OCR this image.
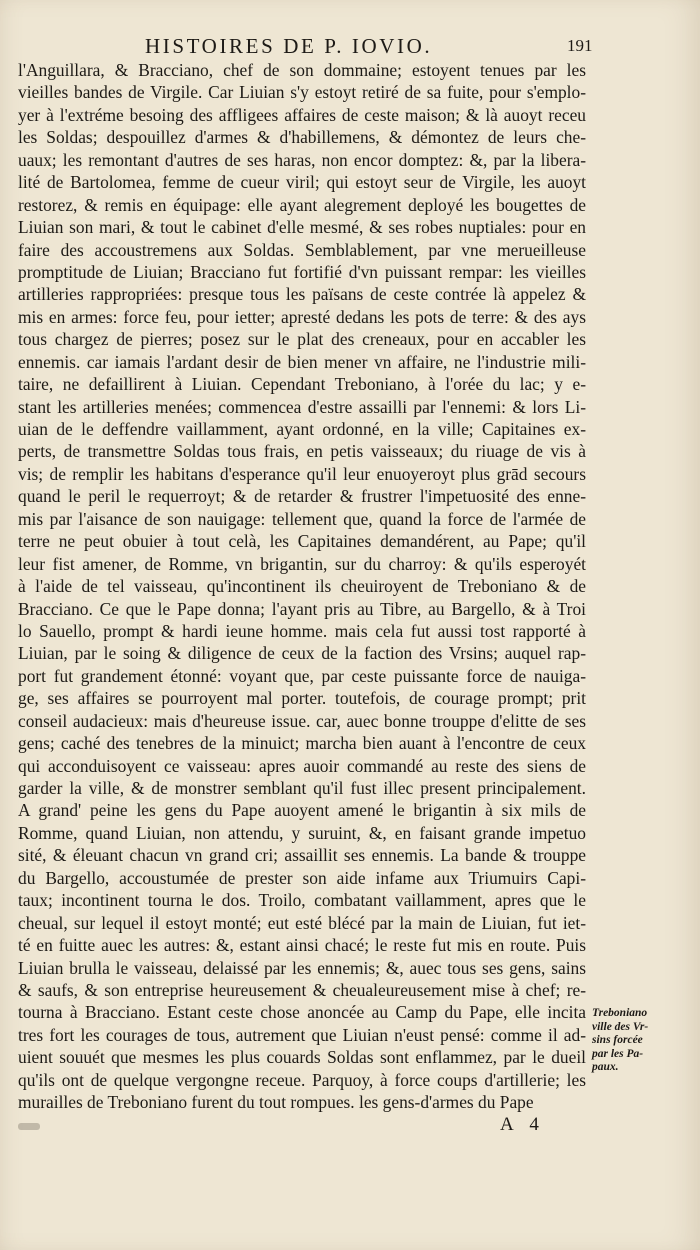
HISTOIRES DE P. IOVIO.	191
l'Anguillara, & Bracciano, chef de son dommaine; estoyent tenues par les
vieilles bandes de Virgile. Car Liuian s'y estoyt retiré de sa fuite, pour s'emplo-
yer à l'extréme besoing des affligees affaires de ceste maison; & là auoyt receu
les Soldas; despouillez d'armes & d'habillemens, & démontez de leurs che-
uaux; les remontant d'autres de ses haras, non encor domptez: &, par la libera-
lité de Bartolomea, femme de cueur viril; qui estoyt seur de Virgile, les auoyt
restorez, & remis en équipage: elle ayant alegrement deployé les bougettes de
Liuian son mari, & tout le cabinet d'elle mesmé, & ses robes nuptiales: pour en
faire des accoustremens aux Soldas. Semblablement, par vne merueilleuse
promptitude de Liuian; Bracciano fut fortifié d'vn puissant rempar: les vieilles
artilleries rappropriées: presque tous les païsans de ceste contrée là appelez &
mis en armes: force feu, pour ietter; apresté dedans les pots de terre: & des ays
tous chargez de pierres; posez sur le plat des creneaux, pour en accabler les
ennemis. car iamais l'ardant desir de bien mener vn affaire, ne l'industrie mili-
taire, ne defaillirent à Liuian. Cependant Treboniano, à l'orée du lac; y e-
stant les artilleries menées; commencea d'estre assailli par l'ennemi: & lors Li-
uian de le deffendre vaillamment, ayant ordonné, en la ville; Capitaines ex-
perts, de transmettre Soldas tous frais, en petis vaisseaux; du riuage de vis à
vis; de remplir les habitans d'esperance qu'il leur enuoyeroyt plus grād secours
quand le peril le requerroyt; & de retarder & frustrer l'impetuosité des enne-
mis par l'aisance de son nauigage: tellement que, quand la force de l'armée de
terre ne peut obuier à tout celà, les Capitaines demandérent, au Pape; qu'il
leur fist amener, de Romme, vn brigantin, sur du charroy: & qu'ils esperoyét
à l'aide de tel vaisseau, qu'incontinent ils cheuiroyent de Treboniano & de
Bracciano. Ce que le Pape donna; l'ayant pris au Tibre, au Bargello, & à Troi
lo Sauello, prompt & hardi ieune homme. mais cela fut aussi tost rapporté à
Liuian, par le soing & diligence de ceux de la faction des Vrsins; auquel rap-
port fut grandement étonné: voyant que, par ceste puissante force de nauiga-
ge, ses affaires se pourroyent mal porter. toutefois, de courage prompt; prit
conseil audacieux: mais d'heureuse issue. car, auec bonne trouppe d'elitte de ses
gens; caché des tenebres de la minuict; marcha bien auant à l'encontre de ceux
qui acconduisoyent ce vaisseau: apres auoir commandé au reste des siens de
garder la ville, & de monstrer semblant qu'il fust illec present principalement.
A grand' peine les gens du Pape auoyent amené le brigantin à six mils de
Romme, quand Liuian, non attendu, y suruint, &, en faisant grande impetuo
sité, & éleuant chacun vn grand cri; assaillit ses ennemis. La bande & trouppe
du Bargello, accoustumée de prester son aide infame aux Triumuirs Capi-
taux; incontinent tourna le dos. Troilo, combatant vaillamment, apres que le
cheual, sur lequel il estoyt monté; eut esté blécé par la main de Liuian, fut iet-
té en fuitte auec les autres: &, estant ainsi chacé; le reste fut mis en route. Puis
Liuian brulla le vaisseau, delaissé par les ennemis; &, auec tous ses gens, sains
& saufs, & son entreprise heureusement & cheualeureusement mise à chef; re-
tourna à Bracciano. Estant ceste chose anoncée au Camp du Pape, elle incita
tres fort les courages de tous, autrement que Liuian n'eust pensé: comme il ad-
uient souuét que mesmes les plus couards Soldas sont enflammez, par le dueil
qu'ils ont de quelque vergongne receue. Parquoy, à force coups d'artillerie; les
murailles de Treboniano furent du tout rompues. les gens-d'armes du Pape
Treboniano
ville des Vr-
sins forcée
par les Pa-
paux.
A 4
